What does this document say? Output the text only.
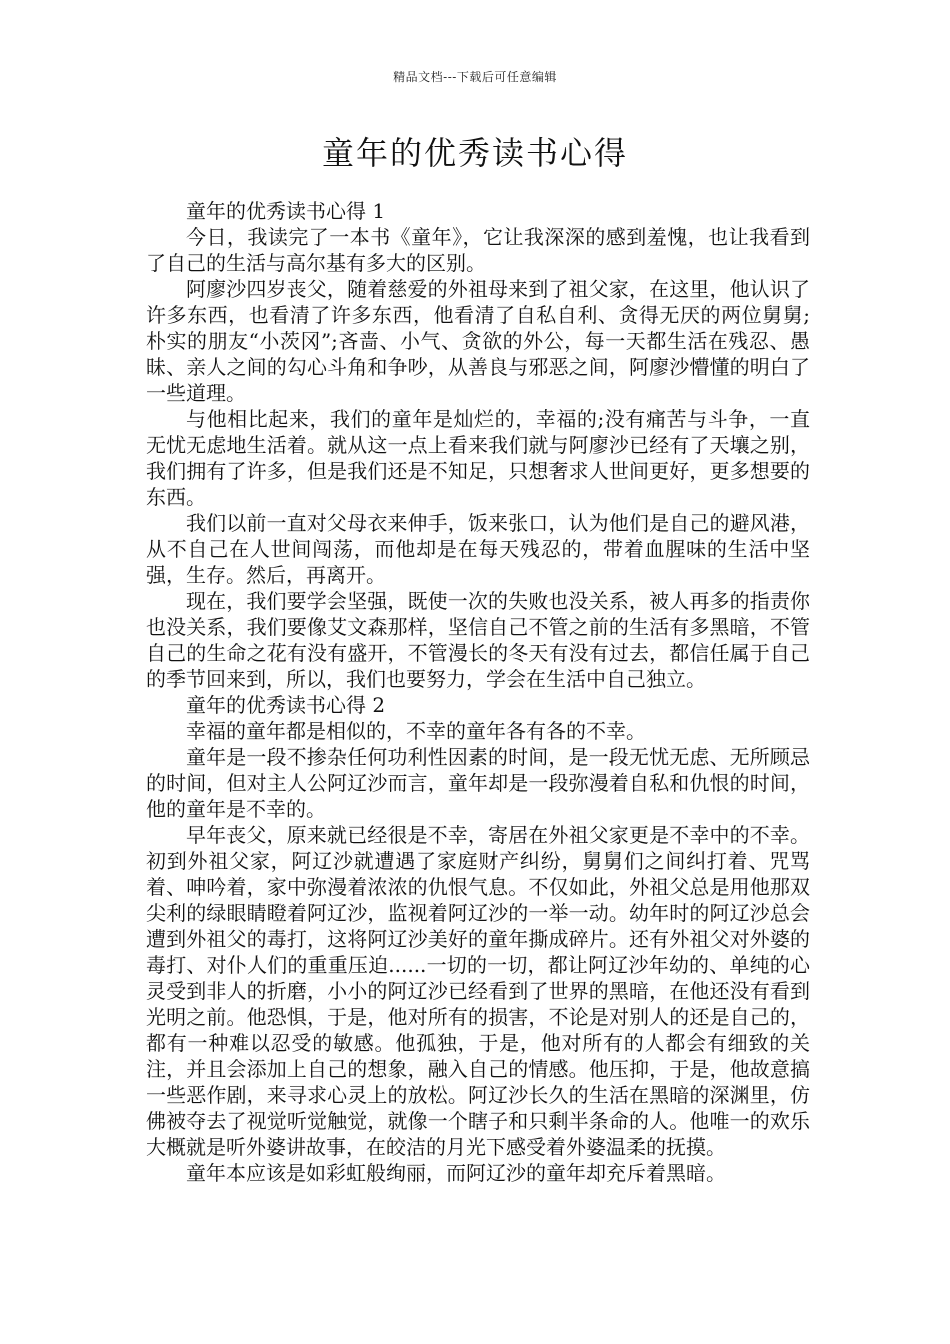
精品文档---下载后可任意编辑
童年的优秀读书心得

童年的优秀读书心得 1

今日，我读完了一本书《童年》，它让我深深的感到羞愧，也让我看到了自己的生活与高尔基有多大的区别。

阿廖沙四岁丧父，随着慈爱的外祖母来到了祖父家，在这里，他认识了许多东西，也看清了许多东西，他看清了自私自利、贪得无厌的两位舅舅;朴实的朋友“小茨冈”;吝啬、小气、贪欲的外公，每一天都生活在残忍、愚昧、亲人之间的勾心斗角和争吵，从善良与邪恶之间，阿廖沙懵懂的明白了一些道理。

与他相比起来，我们的童年是灿烂的，幸福的;没有痛苦与斗争，一直无忧无虑地生活着。就从这一点上看来我们就与阿廖沙已经有了天壤之别，我们拥有了许多，但是我们还是不知足，只想奢求人世间更好，更多想要的东西。

我们以前一直对父母衣来伸手，饭来张口，认为他们是自己的避风港，从不自己在人世间闯荡，而他却是在每天残忍的，带着血腥味的生活中坚强，生存。然后，再离开。

现在，我们要学会坚强，既使一次的失败也没关系，被人再多的指责你也没关系，我们要像艾文森那样，坚信自己不管之前的生活有多黑暗，不管自己的生命之花有没有盛开，不管漫长的冬天有没有过去，都信任属于自己的季节回来到，所以，我们也要努力，学会在生活中自己独立。

童年的优秀读书心得 2

幸福的童年都是相似的，不幸的童年各有各的不幸。

童年是一段不掺杂任何功利性因素的时间，是一段无忧无虑、无所顾忌的时间，但对主人公阿辽沙而言，童年却是一段弥漫着自私和仇恨的时间，他的童年是不幸的。

早年丧父，原来就已经很是不幸，寄居在外祖父家更是不幸中的不幸。初到外祖父家，阿辽沙就遭遇了家庭财产纠纷，舅舅们之间纠打着、咒骂着、呻吟着，家中弥漫着浓浓的仇恨气息。不仅如此，外祖父总是用他那双尖利的绿眼睛瞪着阿辽沙，监视着阿辽沙的一举一动。幼年时的阿辽沙总会遭到外祖父的毒打，这将阿辽沙美好的童年撕成碎片。还有外祖父对外婆的毒打、对仆人们的重重压迫......一切的一切，都让阿辽沙年幼的、单纯的心灵受到非人的折磨，小小的阿辽沙已经看到了世界的黑暗，在他还没有看到光明之前。他恐惧，于是，他对所有的损害，不论是对别人的还是自己的，都有一种难以忍受的敏感。他孤独，于是，他对所有的人都会有细致的关注，并且会添加上自己的想象，融入自己的情感。他压抑，于是，他故意搞一些恶作剧，来寻求心灵上的放松。阿辽沙长久的生活在黑暗的深渊里，仿佛被夺去了视觉听觉触觉，就像一个瞎子和只剩半条命的人。他唯一的欢乐大概就是听外婆讲故事，在皎洁的月光下感受着外婆温柔的抚摸。

童年本应该是如彩虹般绚丽，而阿辽沙的童年却充斥着黑暗。
